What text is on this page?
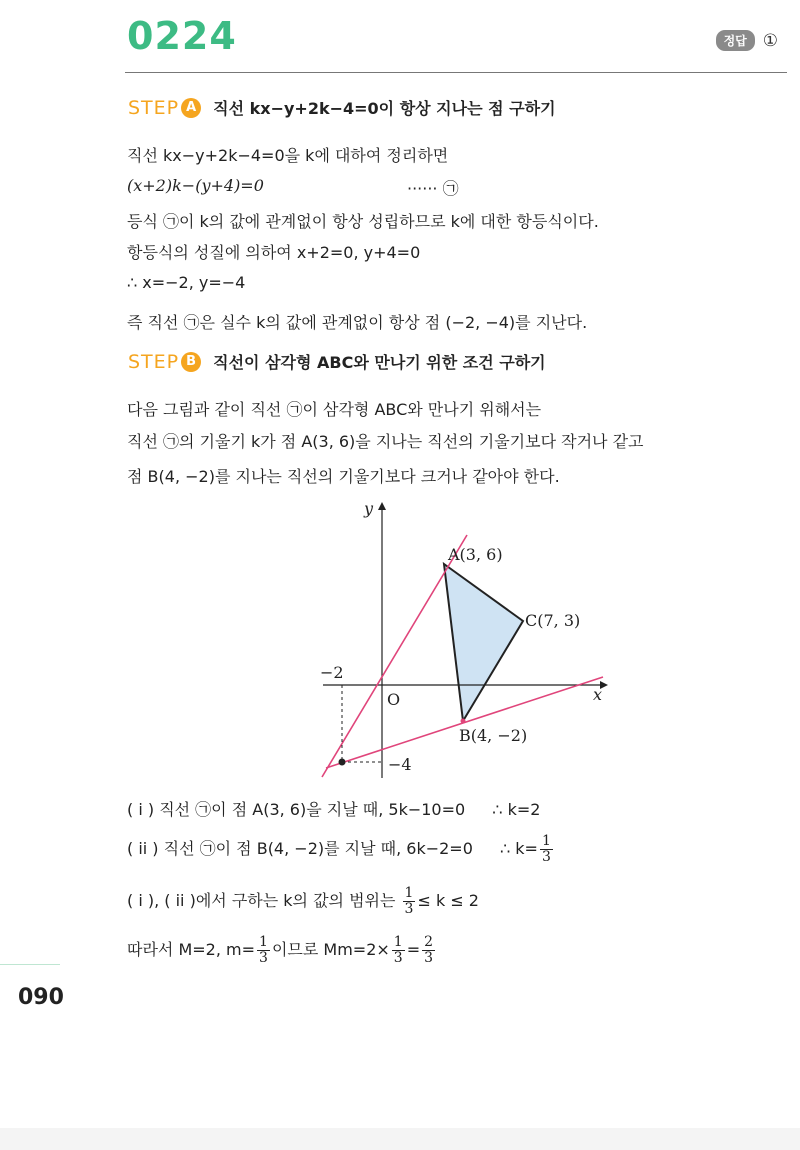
0224	정답 ①
STEP A	직선 kx−y+2k−4=0이 항상 지나는 점 구하기
직선 kx−y+2k−4=0을 k에 대하여 정리하면
(x+2)k−(y+4)=0	······ ㉠
등식 ㉠이 k의 값에 관계없이 항상 성립하므로 k에 대한 항등식이다.
항등식의 성질에 의하여 x+2=0, y+4=0
∴ x=−2, y=−4
즉 직선 ㉠은 실수 k의 값에 관계없이 항상 점 (−2, −4)를 지난다.
STEP B	직선이 삼각형 ABC와 만나기 위한 조건 구하기
다음 그림과 같이 직선 ㉠이 삼각형 ABC와 만나기 위해서는
직선 ㉠의 기울기 k가 점 A(3, 6)을 지나는 직선의 기울기보다 작거나 같고
점 B(4, −2)를 지나는 직선의 기울기보다 크거나 같아야 한다.
y
x
O
−2
−4
A(3, 6)
B(4, −2)
C(7, 3)
( i ) 직선 ㉠이 점 A(3, 6)을 지날 때, 5k−10=0 ∴ k=2
( ii ) 직선 ㉠이 점 B(4, −2)를 지날 때, 6k−2=0 ∴ $k= \frac{1}{3}$
( i ), ( ii )에서 구하는 k의 값의 범위는 $\frac{1}{3} \le k \le 2$
따라서 M=2, $m= \frac{1}{3}$ 이므로 $Mm=2\times \frac{1}{3} = \frac{2}{3}$
090
